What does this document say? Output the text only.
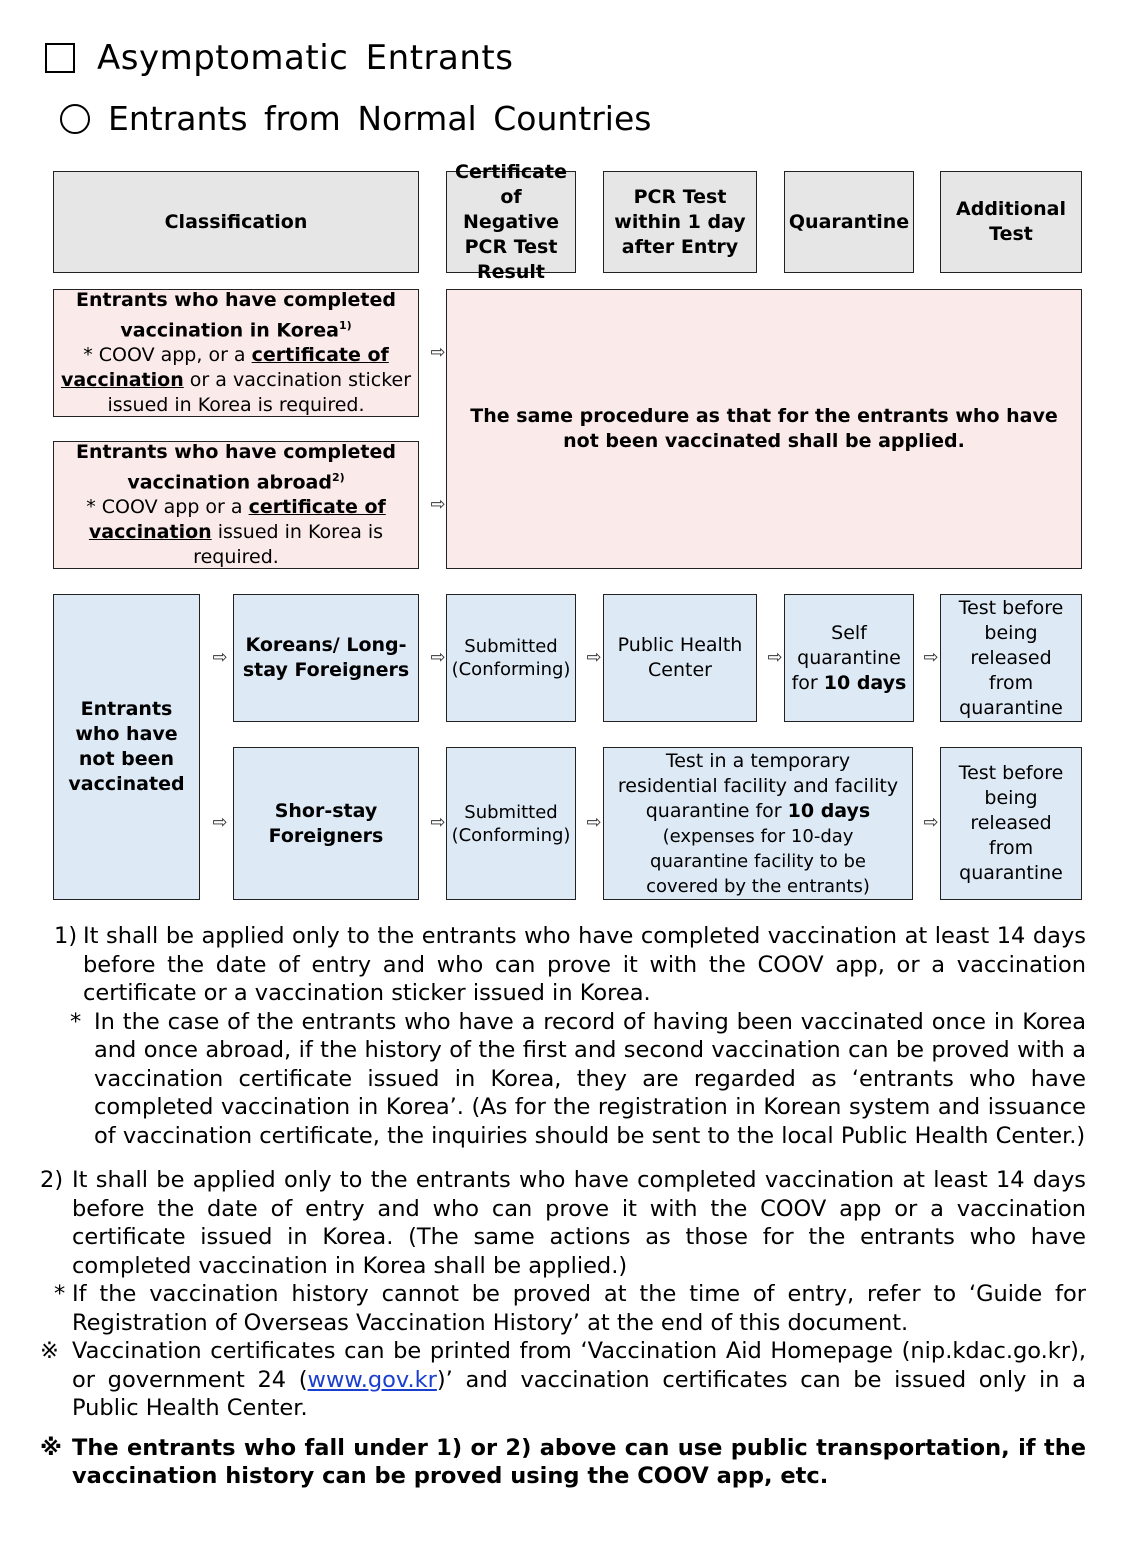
Asymptomatic Entrants
Entrants from Normal Countries
Classification
Certificate of Negative PCR Test Result
PCR Test within 1 day after Entry
Quarantine
Additional Test
Entrants who have completed vaccination in Korea$^{1)}$
* COOV app, or a certificate of vaccination or a vaccination sticker issued in Korea is required.
⇨
Entrants who have completed vaccination abroad$^{2)}$
* COOV app or a certificate of vaccination issued in Korea is required.
⇨
The same procedure as that for the entrants who have not been vaccinated shall be applied.
Entrants who have not been vaccinated
⇨
⇨
Koreans/ Long-stay Foreigners
⇨
Submitted (Conforming)
⇨
Public Health Center
⇨
Self quarantine for 10 days
⇨
Test before being released from quarantine
Shor-stay Foreigners
⇨	Submitted (Conforming)
⇨
Test in a temporary residential facility and facility quarantine for 10 days
(expenses for 10-day quarantine facility to be covered by the entrants)
⇨
Test before being released from quarantine
1) It shall be applied only to the entrants who have completed vaccination at least 14 days before the date of entry and who can prove it with the COOV app, or a vaccination certificate or a vaccination sticker issued in Korea.
* In the case of the entrants who have a record of having been vaccinated once in Korea and once abroad, if the history of the first and second vaccination can be proved with a vaccination certificate issued in Korea, they are regarded as ‘entrants who have completed vaccination in Korea’. (As for the registration in Korean system and issuance of vaccination certificate, the inquiries should be sent to the local Public Health Center.)
2) It shall be applied only to the entrants who have completed vaccination at least 14 days before the date of entry and who can prove it with the COOV app or a vaccination certificate issued in Korea. (The same actions as those for the entrants who have completed vaccination in Korea shall be applied.)
* If the vaccination history cannot be proved at the time of entry, refer to ‘Guide for Registration of Overseas Vaccination History’ at the end of this document.
※ Vaccination certificates can be printed from ‘Vaccination Aid Homepage (nip.kdac.go.kr), or government 24 (www.gov.kr)’ and vaccination certificates can be issued only in a Public Health Center.
※ The entrants who fall under 1) or 2) above can use public transportation, if the vaccination history can be proved using the COOV app, etc.
